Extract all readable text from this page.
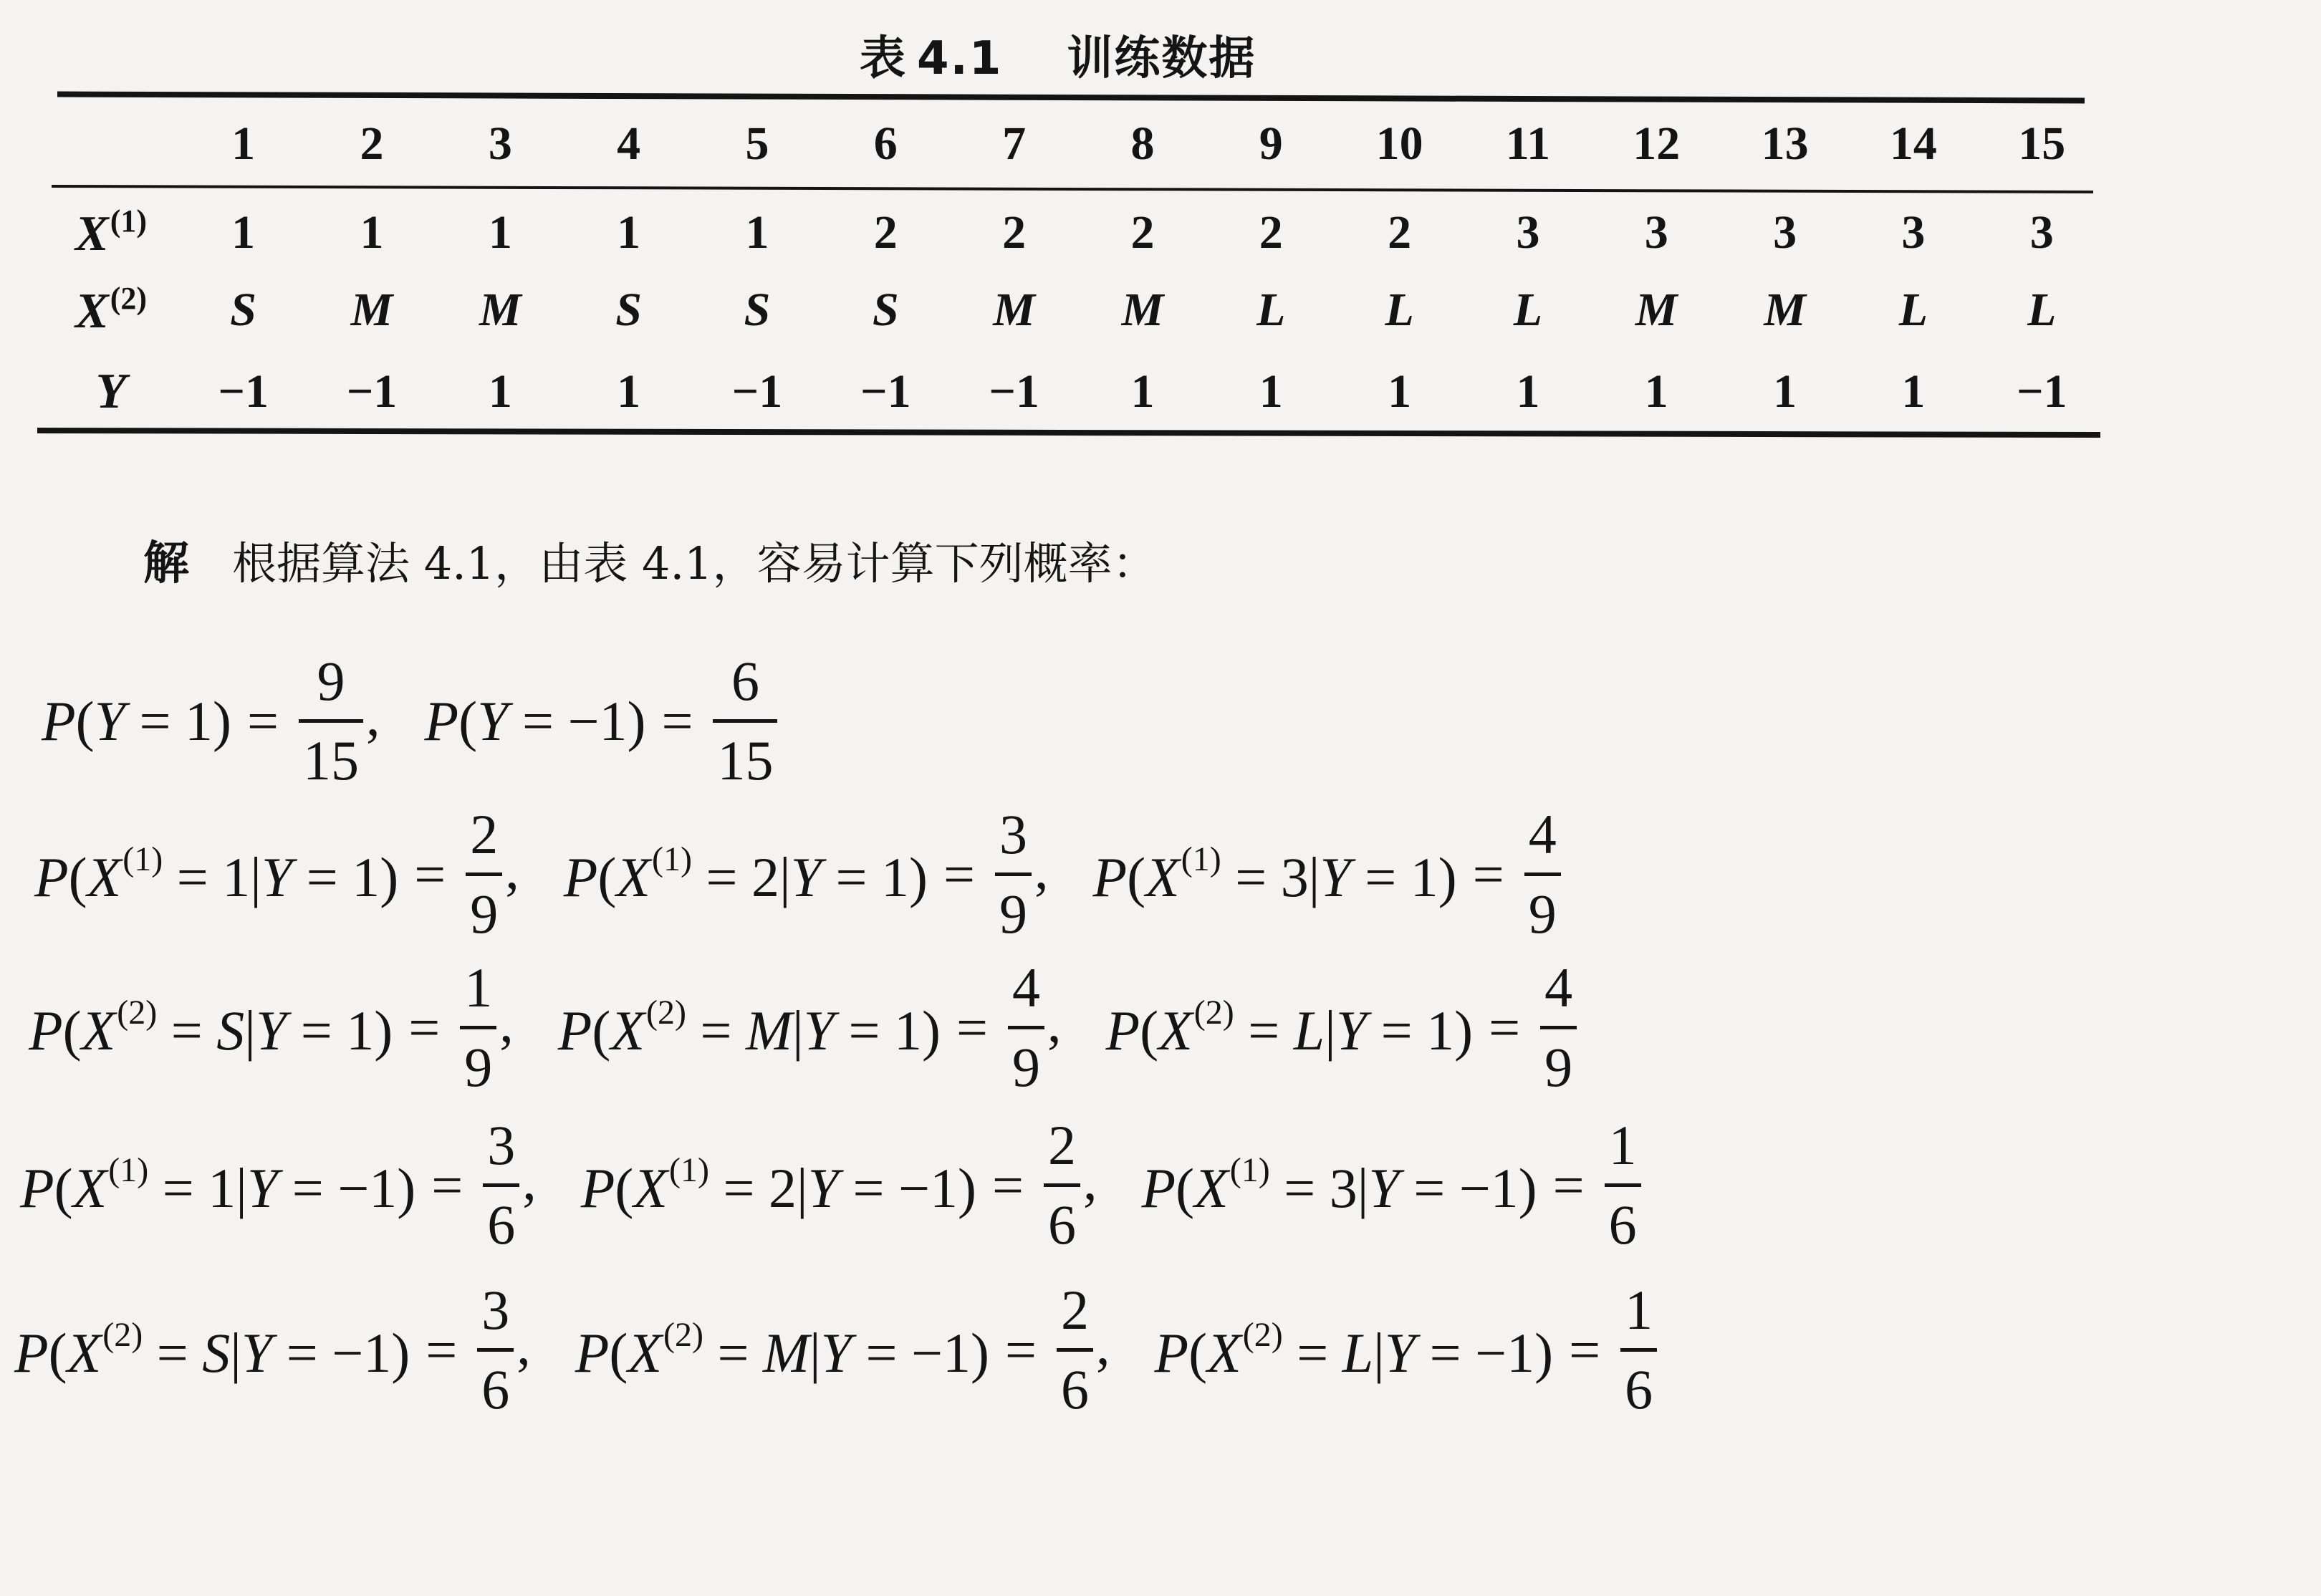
表 4.1 训练数据
	1	2	3	4	5	6	7	8	9	10	11	12	13	14	15
$X^{(1)}$	1	1	1	1	1	2	2	2	2	2	3	3	3	3	3
$X^{(2)}$	S	M	M	S	S	S	M	M	L	L	L	M	M	L	L
Y	−1	−1	1	1	−1	−1	−1	1	1	1	1	1	1	1	−1
解 根据算法 4.1，由表 4.1，容易计算下列概率：
P(Y = 1) =
9
15
, P(Y = −1) =
6
15
$P(X^{(1)} = 1|Y = 1)$ =
2
9
, $P(X^{(1)} = 2|Y = 1)$ =
3
9
, $P(X^{(1)} = 3|Y = 1)$ =
4
9
$P(X^{(2)} = S|Y = 1)$ =
1
9
, $P(X^{(2)} = M|Y = 1)$ =
4
9
, $P(X^{(2)} = L|Y = 1)$ =
4
9
$P(X^{(1)} = 1|Y = -1)$ =
3
6
, $P(X^{(1)} = 2|Y = -1)$ =
2
6
, $P(X^{(1)} = 3|Y = -1)$ =
1
6
$P(X^{(2)} = S|Y = -1)$ =
3
6
, $P(X^{(2)} = M|Y = -1)$ =
2
6
, $P(X^{(2)} = L|Y = -1)$ =
1
6
